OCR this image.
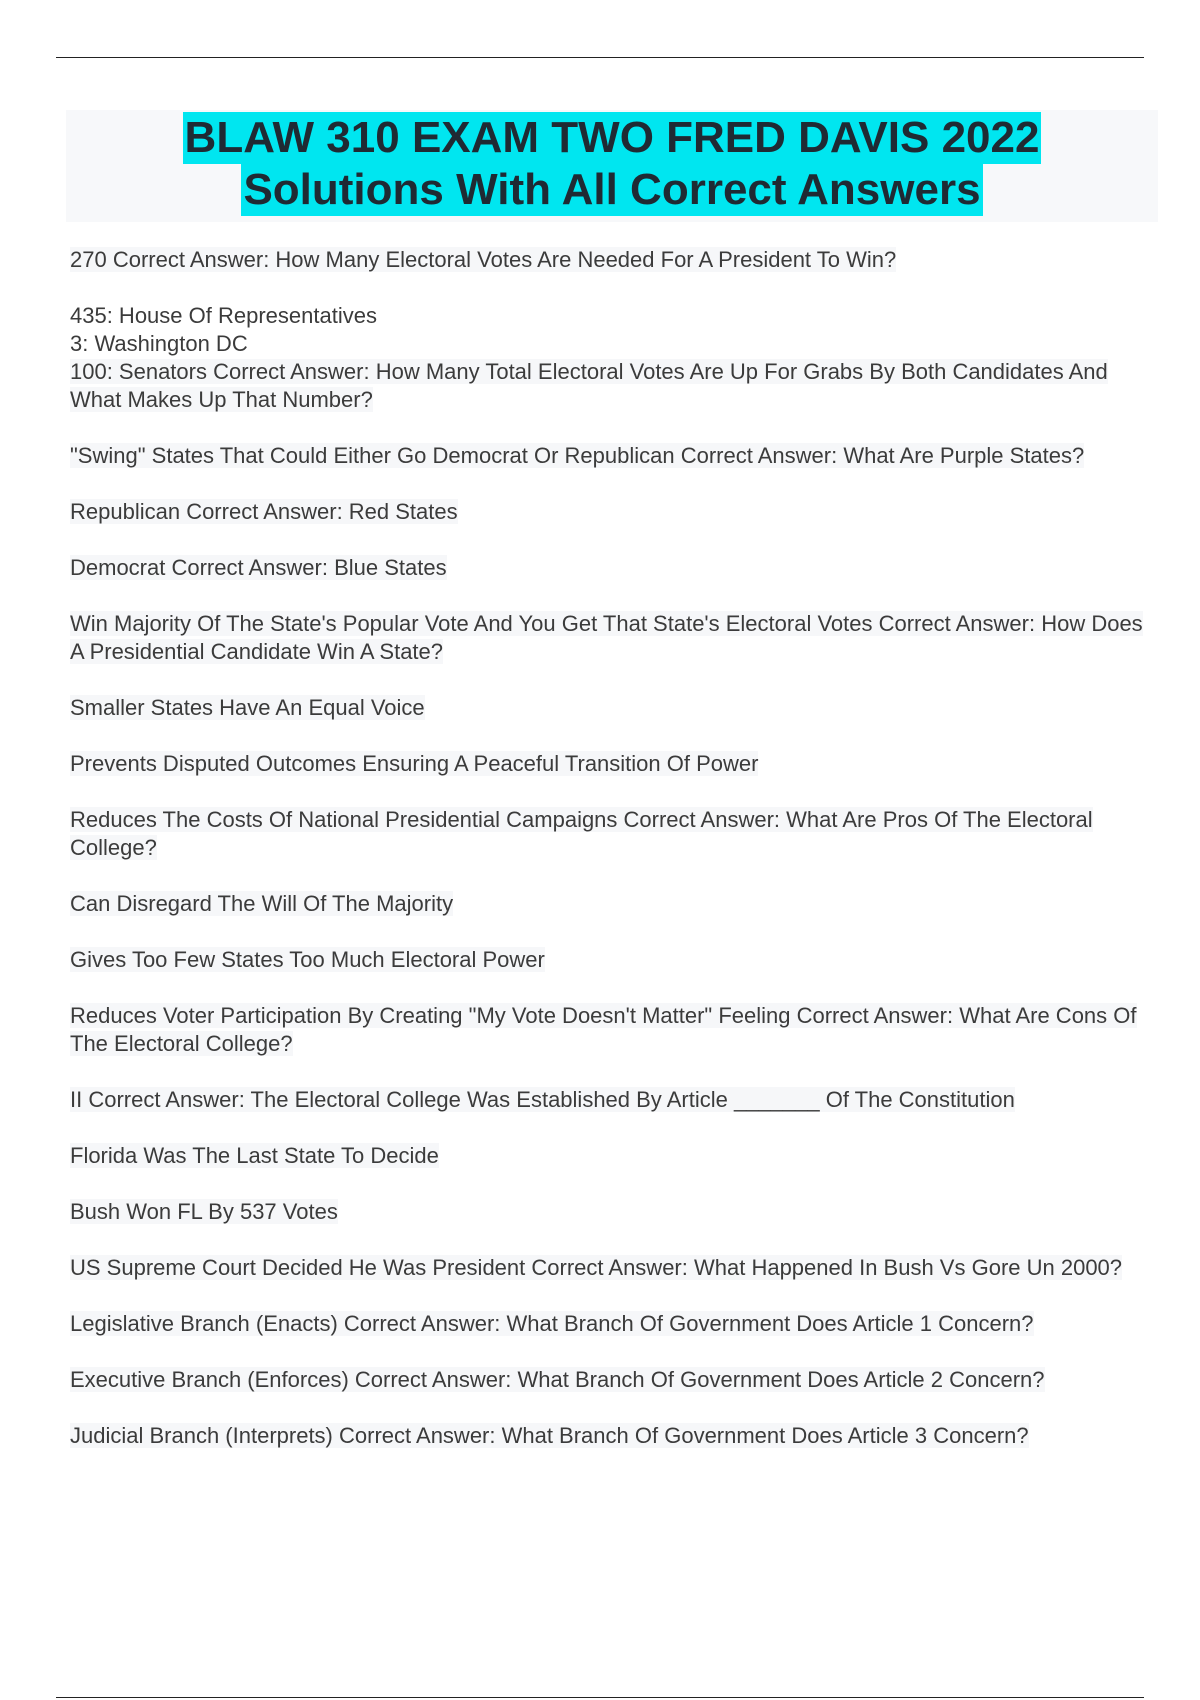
BLAW 310 EXAM TWO FRED DAVIS 2022
Solutions With All Correct Answers
270 Correct Answer: How Many Electoral Votes Are Needed For A President To Win?
435: House Of Representatives
3: Washington DC
100: Senators Correct Answer: How Many Total Electoral Votes Are Up For Grabs By Both Candidates And What Makes Up That Number?
"Swing" States That Could Either Go Democrat Or Republican Correct Answer: What Are Purple States?
Republican Correct Answer: Red States
Democrat Correct Answer: Blue States
Win Majority Of The State's Popular Vote And You Get That State's Electoral Votes Correct Answer: How Does A Presidential Candidate Win A State?
Smaller States Have An Equal Voice
Prevents Disputed Outcomes Ensuring A Peaceful Transition Of Power
Reduces The Costs Of National Presidential Campaigns Correct Answer: What Are Pros Of The Electoral College?
Can Disregard The Will Of The Majority
Gives Too Few States Too Much Electoral Power
Reduces Voter Participation By Creating "My Vote Doesn't Matter" Feeling Correct Answer: What Are Cons Of The Electoral College?
II Correct Answer: The Electoral College Was Established By Article _______ Of The Constitution
Florida Was The Last State To Decide
Bush Won FL By 537 Votes
US Supreme Court Decided He Was President Correct Answer: What Happened In Bush Vs Gore Un 2000?
Legislative Branch (Enacts) Correct Answer: What Branch Of Government Does Article 1 Concern?
Executive Branch (Enforces) Correct Answer: What Branch Of Government Does Article 2 Concern?
Judicial Branch (Interprets) Correct Answer: What Branch Of Government Does Article 3 Concern?
